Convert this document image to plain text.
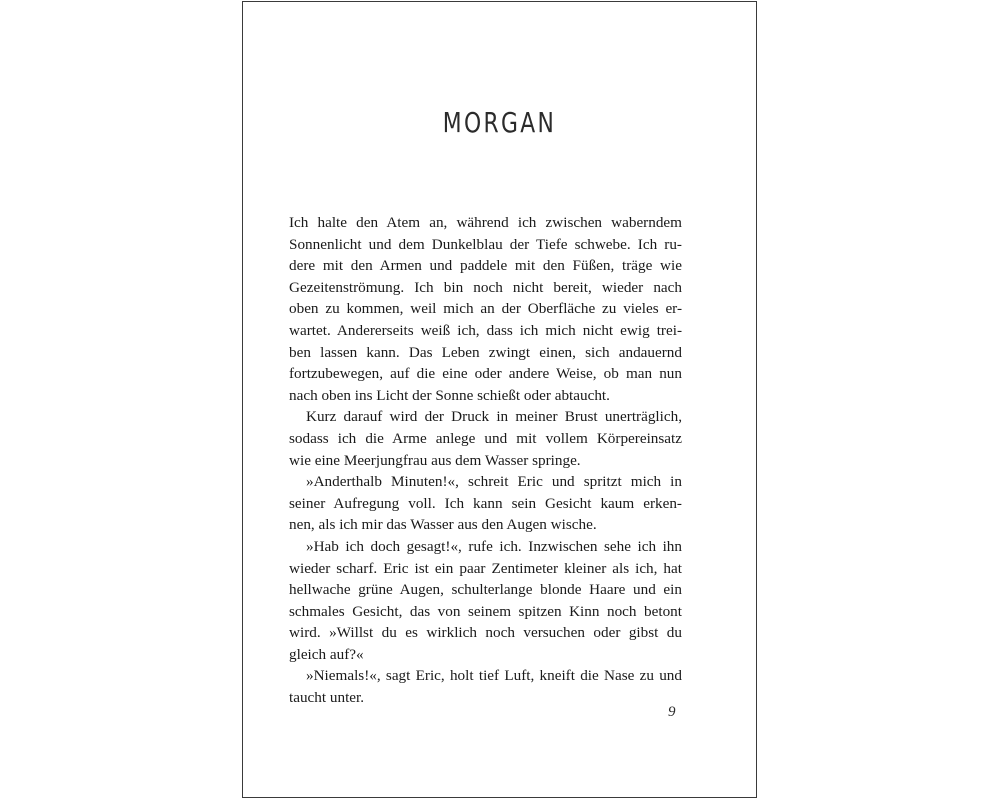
MORGAN

Ich halte den Atem an, während ich zwischen waberndem
Sonnenlicht und dem Dunkelblau der Tiefe schwebe. Ich ru-
dere mit den Armen und paddele mit den Füßen, träge wie
Gezeitenströmung. Ich bin noch nicht bereit, wieder nach
oben zu kommen, weil mich an der Oberfläche zu vieles er-
wartet. Andererseits weiß ich, dass ich mich nicht ewig trei-
ben lassen kann. Das Leben zwingt einen, sich andauernd
fortzubewegen, auf die eine oder andere Weise, ob man nun
nach oben ins Licht der Sonne schießt oder abtaucht.

Kurz darauf wird der Druck in meiner Brust unerträglich,
sodass ich die Arme anlege und mit vollem Körpereinsatz
wie eine Meerjungfrau aus dem Wasser springe.

»Anderthalb Minuten!«, schreit Eric und spritzt mich in
seiner Aufregung voll. Ich kann sein Gesicht kaum erken-
nen, als ich mir das Wasser aus den Augen wische.

»Hab ich doch gesagt!«, rufe ich. Inzwischen sehe ich ihn
wieder scharf. Eric ist ein paar Zentimeter kleiner als ich, hat
hellwache grüne Augen, schulterlange blonde Haare und ein
schmales Gesicht, das von seinem spitzen Kinn noch betont
wird. »Willst du es wirklich noch versuchen oder gibst du
gleich auf?«

»Niemals!«, sagt Eric, holt tief Luft, kneift die Nase zu und
taucht unter.

9
